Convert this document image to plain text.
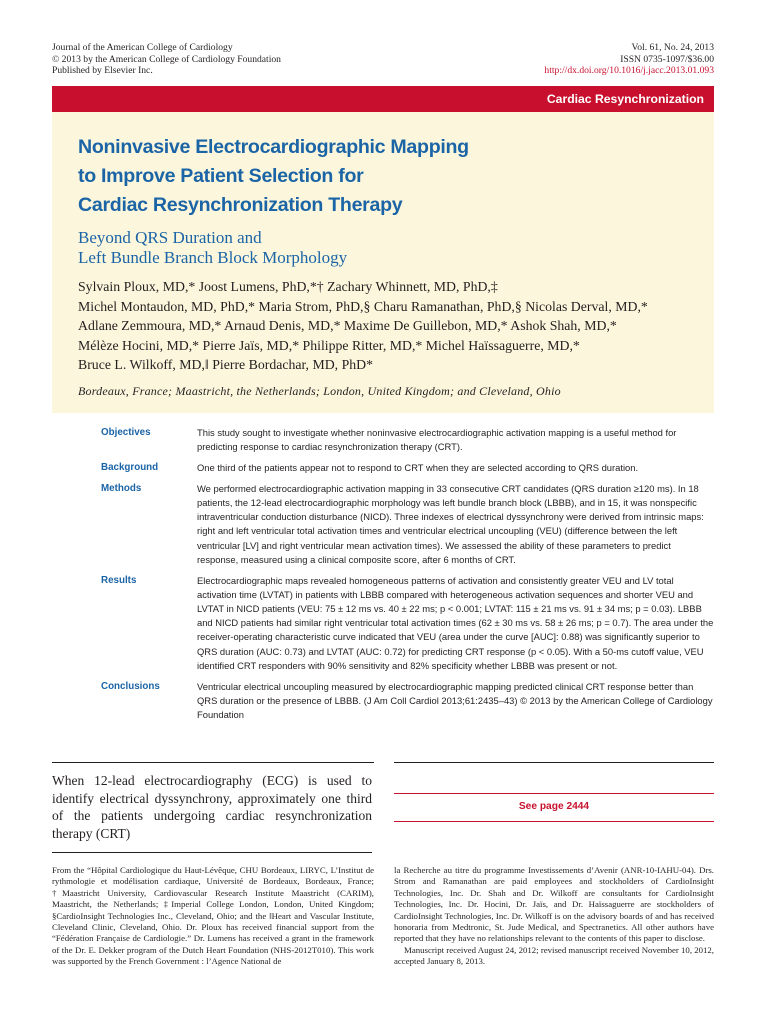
Journal of the American College of Cardiology
© 2013 by the American College of Cardiology Foundation
Published by Elsevier Inc.
Vol. 61, No. 24, 2013
ISSN 0735-1097/$36.00
http://dx.doi.org/10.1016/j.jacc.2013.01.093
Cardiac Resynchronization
Noninvasive Electrocardiographic Mapping
to Improve Patient Selection for
Cardiac Resynchronization Therapy
Beyond QRS Duration and
Left Bundle Branch Block Morphology
Sylvain Ploux, MD,* Joost Lumens, PhD,*† Zachary Whinnett, MD, PhD,‡
Michel Montaudon, MD, PhD,* Maria Strom, PhD,§ Charu Ramanathan, PhD,§ Nicolas Derval, MD,*
Adlane Zemmoura, MD,* Arnaud Denis, MD,* Maxime De Guillebon, MD,* Ashok Shah, MD,*
Mélèze Hocini, MD,* Pierre Jaïs, MD,* Philippe Ritter, MD,* Michel Haïssaguerre, MD,*
Bruce L. Wilkoff, MD,‖ Pierre Bordachar, MD, PhD*
Bordeaux, France; Maastricht, the Netherlands; London, United Kingdom; and Cleveland, Ohio
Objectives	This study sought to investigate whether noninvasive electrocardiographic activation mapping is a useful method for predicting response to cardiac resynchronization therapy (CRT).
Background	One third of the patients appear not to respond to CRT when they are selected according to QRS duration.
Methods	We performed electrocardiographic activation mapping in 33 consecutive CRT candidates (QRS duration ≥120 ms). In 18 patients, the 12-lead electrocardiographic morphology was left bundle branch block (LBBB), and in 15, it was nonspecific intraventricular conduction disturbance (NICD). Three indexes of electrical dyssynchrony were derived from intrinsic maps: right and left ventricular total activation times and ventricular electrical uncoupling (VEU) (difference between the left ventricular [LV] and right ventricular mean activation times). We assessed the ability of these parameters to predict response, measured using a clinical composite score, after 6 months of CRT.
Results	Electrocardiographic maps revealed homogeneous patterns of activation and consistently greater VEU and LV total activation time (LVTAT) in patients with LBBB compared with heterogeneous activation sequences and shorter VEU and LVTAT in NICD patients (VEU: 75 ± 12 ms vs. 40 ± 22 ms; p < 0.001; LVTAT: 115 ± 21 ms vs. 91 ± 34 ms; p = 0.03). LBBB and NICD patients had similar right ventricular total activation times (62 ± 30 ms vs. 58 ± 26 ms; p = 0.7). The area under the receiver-operating characteristic curve indicated that VEU (area under the curve [AUC]: 0.88) was significantly superior to QRS duration (AUC: 0.73) and LVTAT (AUC: 0.72) for predicting CRT response (p < 0.05). With a 50-ms cutoff value, VEU identified CRT responders with 90% sensitivity and 82% specificity whether LBBB was present or not.
Conclusions	Ventricular electrical uncoupling measured by electrocardiographic mapping predicted clinical CRT response better than QRS duration or the presence of LBBB. (J Am Coll Cardiol 2013;61:2435–43) © 2013 by the American College of Cardiology Foundation
When 12-lead electrocardiography (ECG) is used to identify electrical dyssynchrony, approximately one third of the patients undergoing cardiac resynchronization therapy (CRT)
See page 2444
From the “Hôpital Cardiologique du Haut-Lévêque, CHU Bordeaux, LIRYC, L’Institut de rythmologie et modélisation cardiaque, Université de Bordeaux, Bordeaux, France; †Maastricht University, Cardiovascular Research Institute Maastricht (CARIM), Maastricht, the Netherlands; ‡Imperial College London, London, United Kingdom; §CardioInsight Technologies Inc., Cleveland, Ohio; and the ‖Heart and Vascular Institute, Cleveland Clinic, Cleveland, Ohio. Dr. Ploux has received financial support from the “Fédération Française de Cardiologie.” Dr. Lumens has received a grant in the framework of the Dr. E. Dekker program of the Dutch Heart Foundation (NHS-2012T010). This work was supported by the French Government : l’Agence National de
la Recherche au titre du programme Investissements d’Avenir (ANR-10-IAHU-04). Drs. Strom and Ramanathan are paid employees and stockholders of CardioInsight Technologies, Inc. Dr. Shah and Dr. Wilkoff are consultants for CardioInsight Technologies, Inc. Dr. Hocini, Dr. Jaïs, and Dr. Haïssaguerre are stockholders of CardioInsight Technologies, Inc. Dr. Wilkoff is on the advisory boards of and has received honoraria from Medtronic, St. Jude Medical, and Spectranetics. All other authors have reported that they have no relationships relevant to the contents of this paper to disclose.
Manuscript received August 24, 2012; revised manuscript received November 10, 2012, accepted January 8, 2013.
